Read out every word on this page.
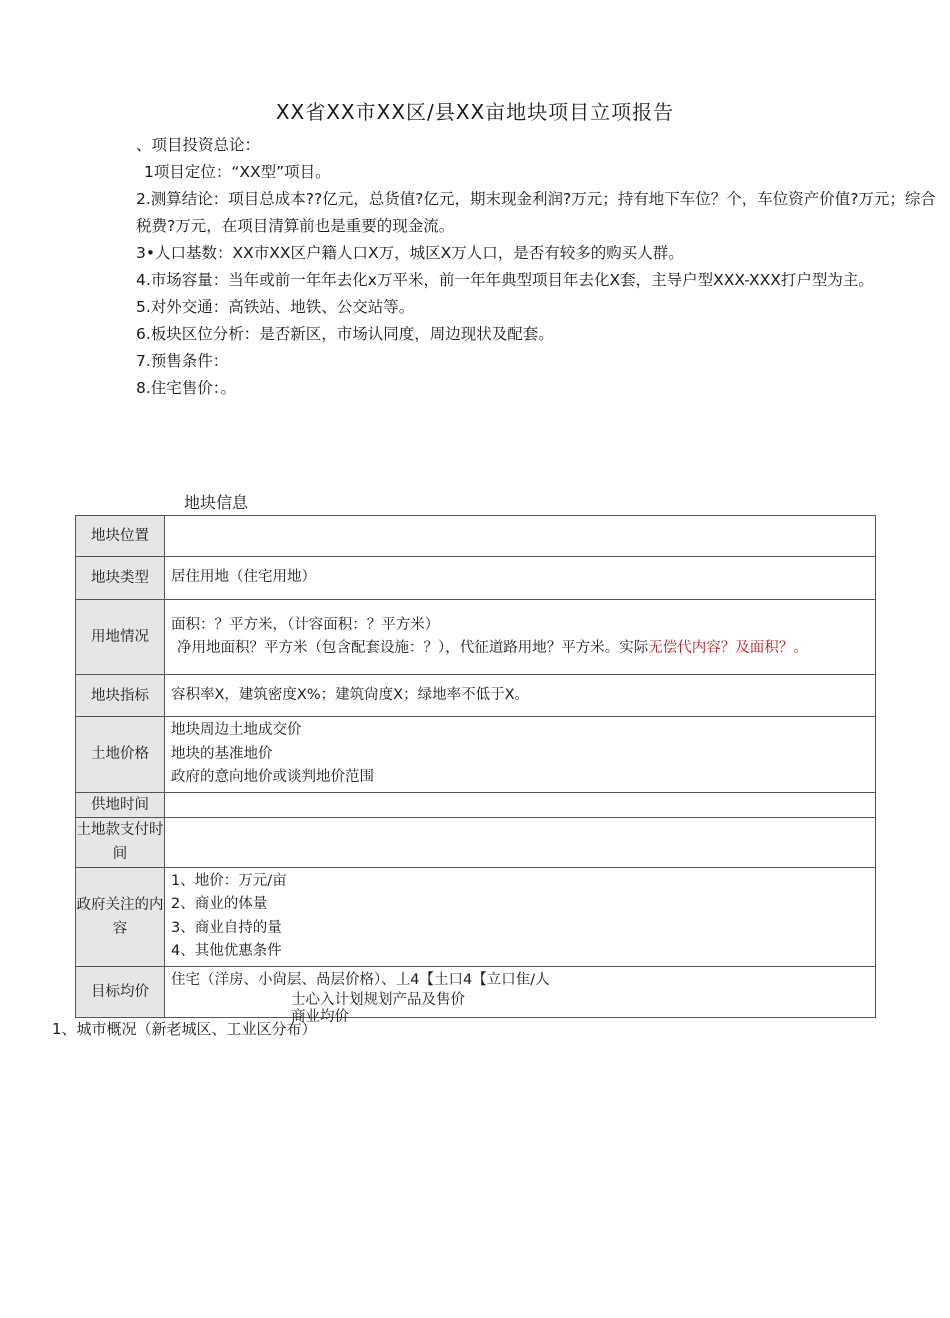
XX省XX市XX区/县XX亩地块项目立项报告
、项目投资总论：
1项目定位：“XX型”项目。
2.测算结论：项目总成本??亿元，总货值?亿元，期末现金利润?万元；持有地下车位？个，车位资产价值?万元；综合税费?万元，在项目清算前也是重要的现金流。
3•人口基数：XX市XX区户籍人口X万，城区X万人口，是否有较多的购买人群。
4.市场容量：当年或前一年年去化x万平米，前一年年典型项目年去化X套，主导户型XXX-XXX打户型为主。
5.对外交通：高铁站、地铁、公交站等。
6.板块区位分析：是否新区，市场认同度，周边现状及配套。
7.预售条件：
8.住宅售价：。
地块信息
地块位置	
地块类型	居住用地（住宅用地）
用地情况	面积：？平方米，（计容面积：？平方米）
净用地面积？平方米（包含配套设施：？），代征道路用地？平方米。实际无偿代内容？及面积？。

地块指标	容积率X，建筑密度X%；建筑尙度X；绿地率不低于X。
土地价格	地块周边土地成交价
地块的基准地价
政府的意向地价或谈判地价范围

供地时间	
土地款支付时间	
政府关注的内容	1、地价：万元/亩
2、商业的体量
3、商业自持的量
4、其他优惠条件

目标均价	住宅（洋房、小尙层、咼层价格）、丄4【土口4【立口隹/人
士心入计划规划产品及售价
商业均价
1、城市概况（新老城区、工业区分布）
